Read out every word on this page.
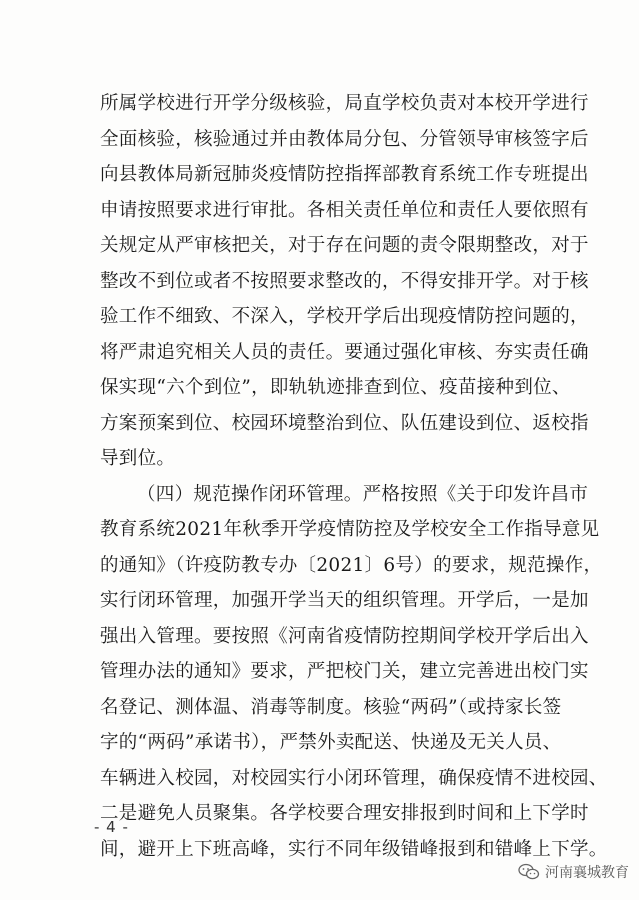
所属学校进行开学分级核验，局直学校负责对本校开学进行
全面核验，核验通过并由教体局分包、分管领导审核签字后
向县教体局新冠肺炎疫情防控指挥部教育系统工作专班提出
申请按照要求进行审批。各相关责任单位和责任人要依照有
关规定从严审核把关，对于存在问题的责令限期整改，对于
整改不到位或者不按照要求整改的，不得安排开学。对于核
验工作不细致、不深入，学校开学后出现疫情防控问题的，
将严肃追究相关人员的责任。要通过强化审核、夯实责任确
保实现“六个到位”，即轨轨迹排查到位、疫苗接种到位、
方案预案到位、校园环境整治到位、队伍建设到位、返校指
导到位。
（四）规范操作闭环管理。严格按照《关于印发许昌市
教育系统2021年秋季开学疫情防控及学校安全工作指导意见
的通知》（许疫防教专办〔2021〕6号）的要求，规范操作，
实行闭环管理，加强开学当天的组织管理。开学后，一是加
强出入管理。要按照《河南省疫情防控期间学校开学后出入
管理办法的通知》要求，严把校门关，建立完善进出校门实
名登记、测体温、消毒等制度。核验“两码”（或持家长签
字的“两码”承诺书），严禁外卖配送、快递及无关人员、
车辆进入校园，对校园实行小闭环管理，确保疫情不进校园、
二是避免人员聚集。各学校要合理安排报到时间和上下学时
间，避开上下班高峰，实行不同年级错峰报到和错峰上下学。
- 4 -
河南襄城教育
